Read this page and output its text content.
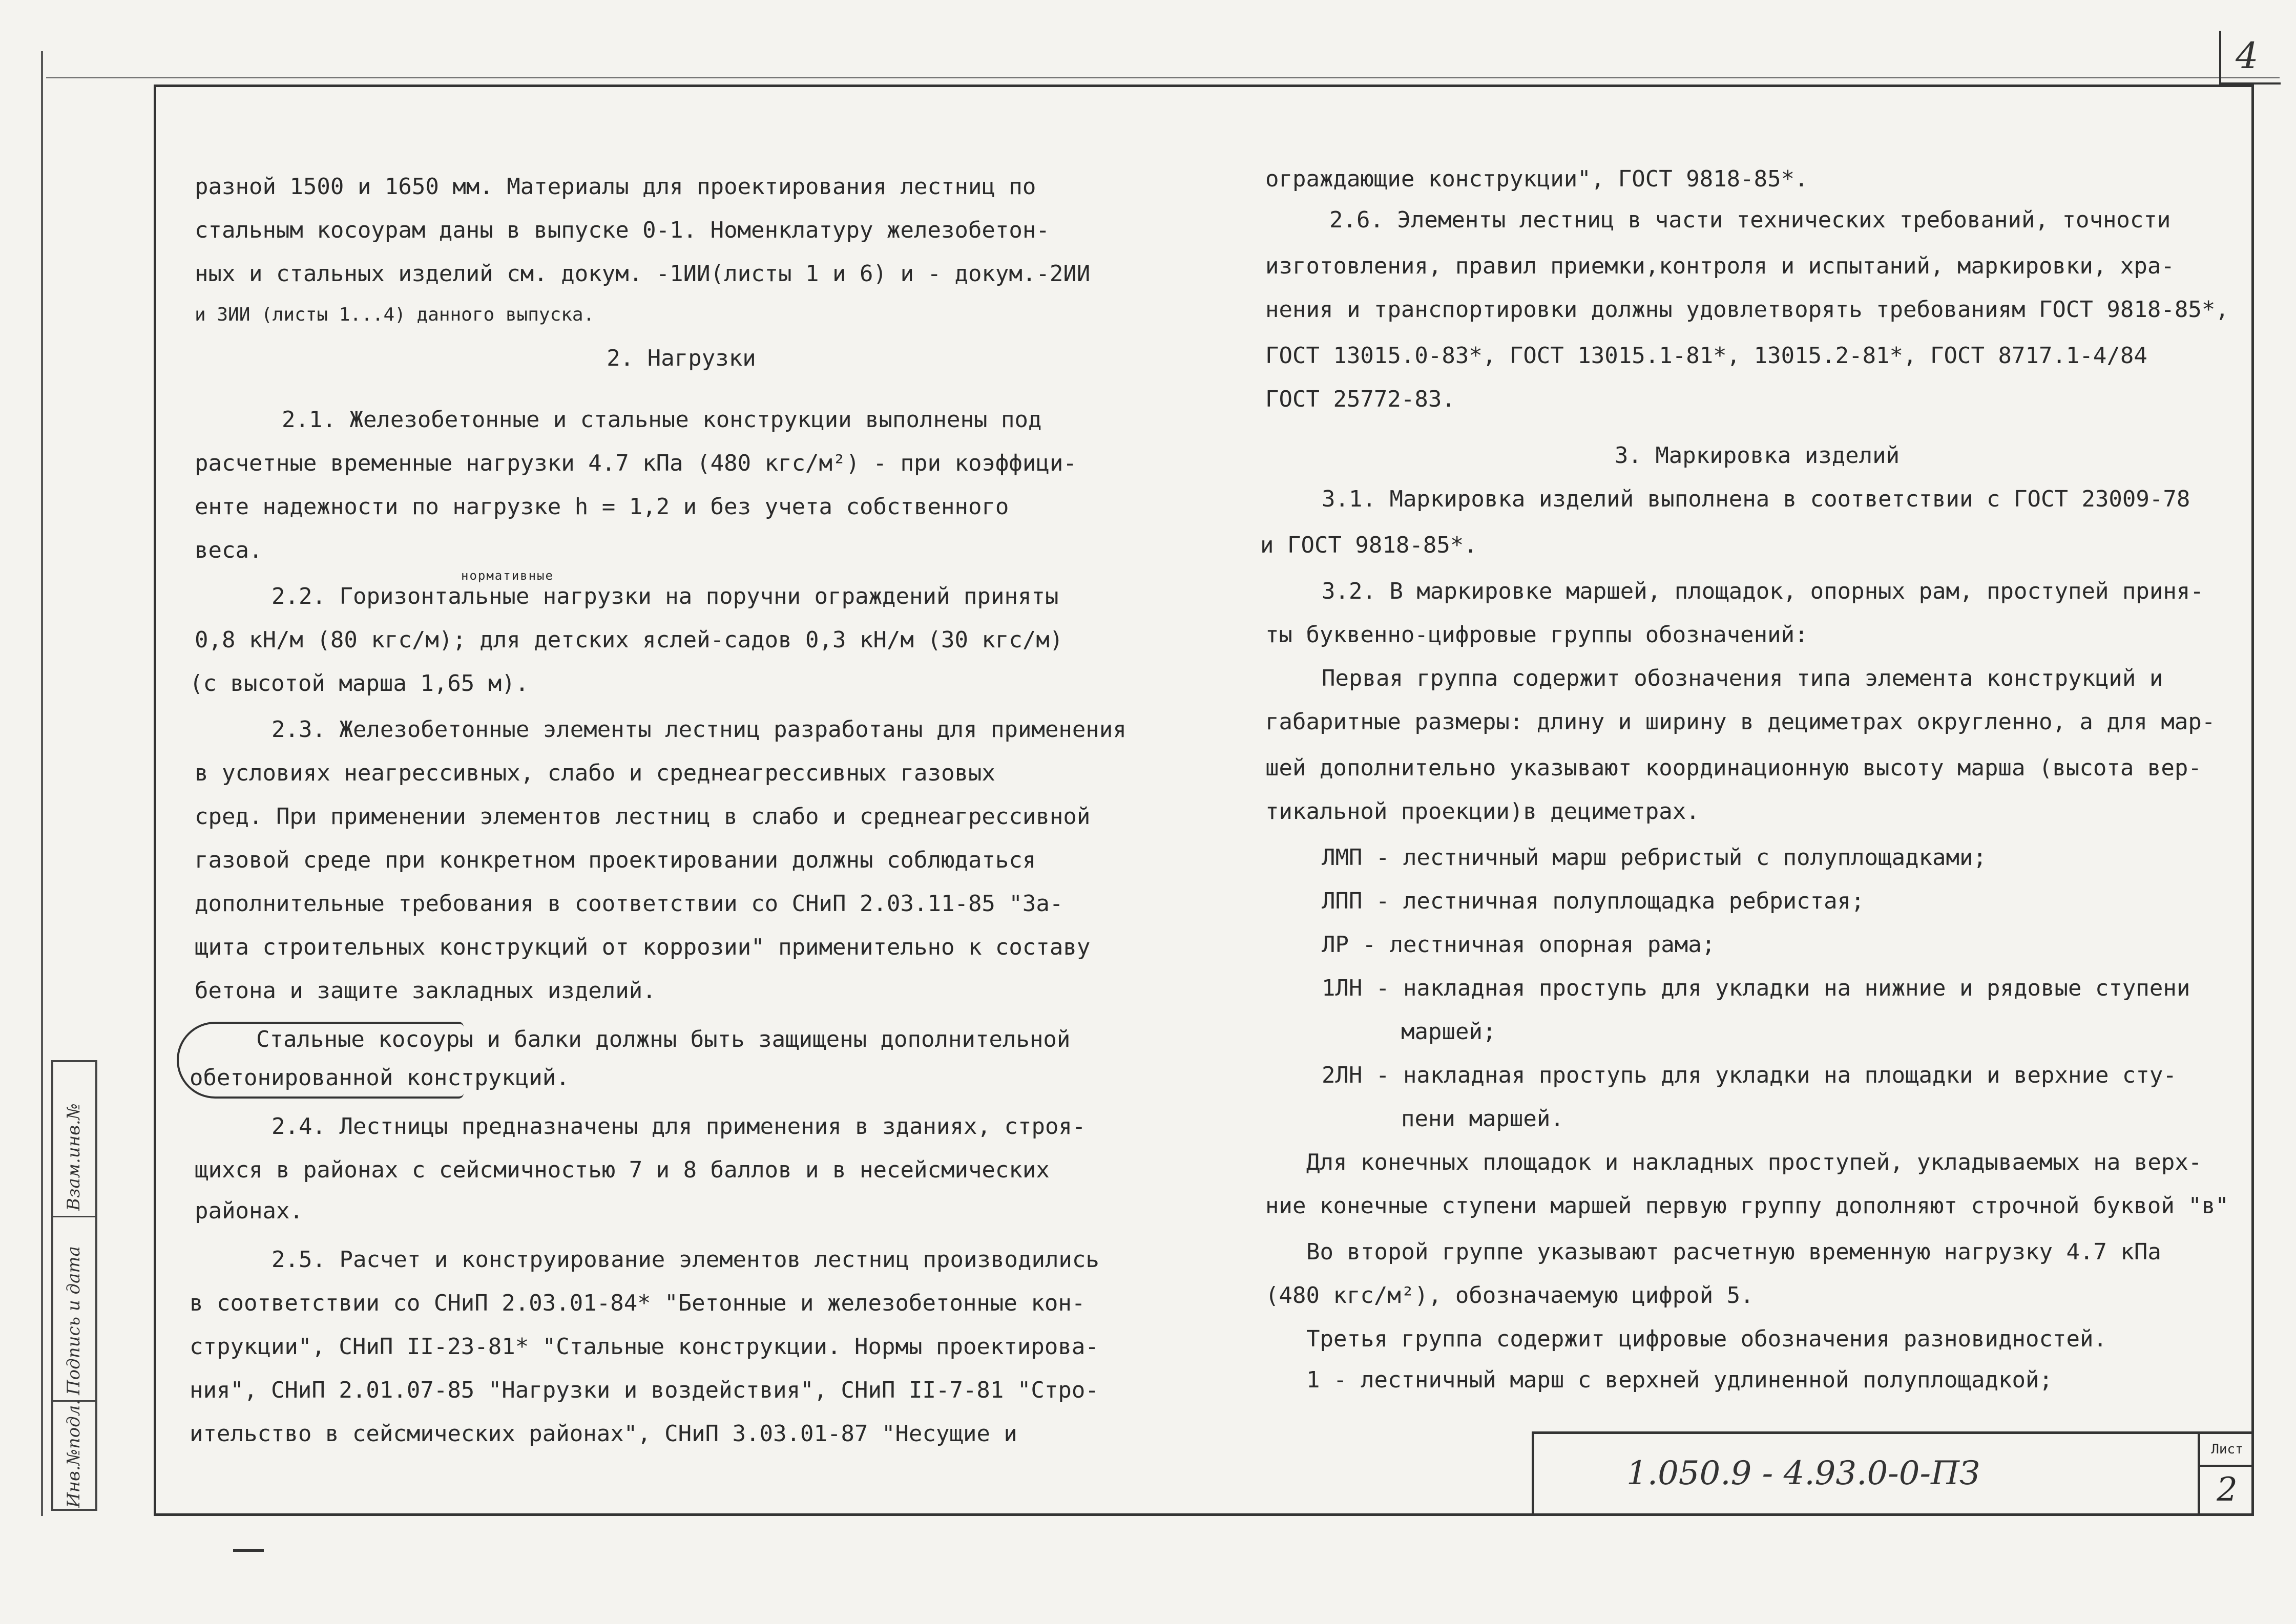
4
Взам.инв.№
Подпись и дата
Инв.№подл.
разной 1500 и 1650 мм. Материалы для проектирования лестниц по
стальным косоурам даны в выпуске 0-1. Номенклатуру железобетон-
ных и стальных изделий см. докум. -1ИИ(листы 1 и 6) и - докум.-2ИИ
и 3ИИ (листы 1...4) данного выпуска.
2. Нагрузки
2.1. Железобетонные и стальные конструкции выполнены под
расчетные временные нагрузки 4.7 кПа (480 кгс/м²) - при коэффици-
енте надежности по нагрузке h = 1,2 и без учета собственного
веса.
нормативные
2.2. Горизонтальные нагрузки на поручни ограждений приняты
0,8 кН/м (80 кгс/м); для детских яслей-садов 0,3 кН/м (30 кгс/м)
(с высотой марша 1,65 м).
2.3. Железобетонные элементы лестниц разработаны для применения
в условиях неагрессивных, слабо и среднеагрессивных газовых
сред. При применении элементов лестниц в слабо и среднеагрессивной
газовой среде при конкретном проектировании должны соблюдаться
дополнительные требования в соответствии со СНиП 2.03.11-85 "За-
щита строительных конструкций от коррозии" применительно к составу
бетона и защите закладных изделий.
Стальные косоуры и балки должны быть защищены дополнительной
обетонированной конструкций.
2.4. Лестницы предназначены для применения в зданиях, строя-
щихся в районах с сейсмичностью 7 и 8 баллов и в несейсмических
районах.
2.5. Расчет и конструирование элементов лестниц производились
в соответствии со СНиП 2.03.01-84* "Бетонные и железобетонные кон-
струкции", СНиП II-23-81* "Стальные конструкции. Нормы проектирова-
ния", СНиП 2.01.07-85 "Нагрузки и воздействия", СНиП II-7-81 "Стро-
ительство в сейсмических районах", СНиП 3.03.01-87 "Несущие и
ограждающие конструкции", ГОСТ 9818-85*.
2.6. Элементы лестниц в части технических требований, точности
изготовления, правил приемки,контроля и испытаний, маркировки, хра-
нения и транспортировки должны удовлетворять требованиям ГОСТ 9818-85*,
ГОСТ 13015.0-83*, ГОСТ 13015.1-81*, 13015.2-81*, ГОСТ 8717.1-4/84
ГОСТ 25772-83.
3. Маркировка изделий
3.1. Маркировка изделий выполнена в соответствии с ГОСТ 23009-78
и ГОСТ 9818-85*.
3.2. В маркировке маршей, площадок, опорных рам, проступей приня-
ты буквенно-цифровые группы обозначений:
Первая группа содержит обозначения типа элемента конструкций и
габаритные размеры: длину и ширину в дециметрах округленно, а для мар-
шей дополнительно указывают координационную высоту марша (высота вер-
тикальной проекции)в дециметрах.
ЛМП - лестничный марш ребристый с полуплощадками;
ЛПП - лестничная полуплощадка ребристая;
ЛР - лестничная опорная рама;
1ЛН - накладная проступь для укладки на нижние и рядовые ступени
маршей;
2ЛН - накладная проступь для укладки на площадки и верхние сту-
пени маршей.
Для конечных площадок и накладных проступей, укладываемых на верх-
ние конечные ступени маршей первую группу дополняют строчной буквой "в"
Во второй группе указывают расчетную временную нагрузку 4.7 кПа
(480 кгс/м²), обозначаемую цифрой 5.
Третья группа содержит цифровые обозначения разновидностей.
1 - лестничный марш с верхней удлиненной полуплощадкой;
1.050.9 - 4.93.0-0-ПЗ
Лист
2
